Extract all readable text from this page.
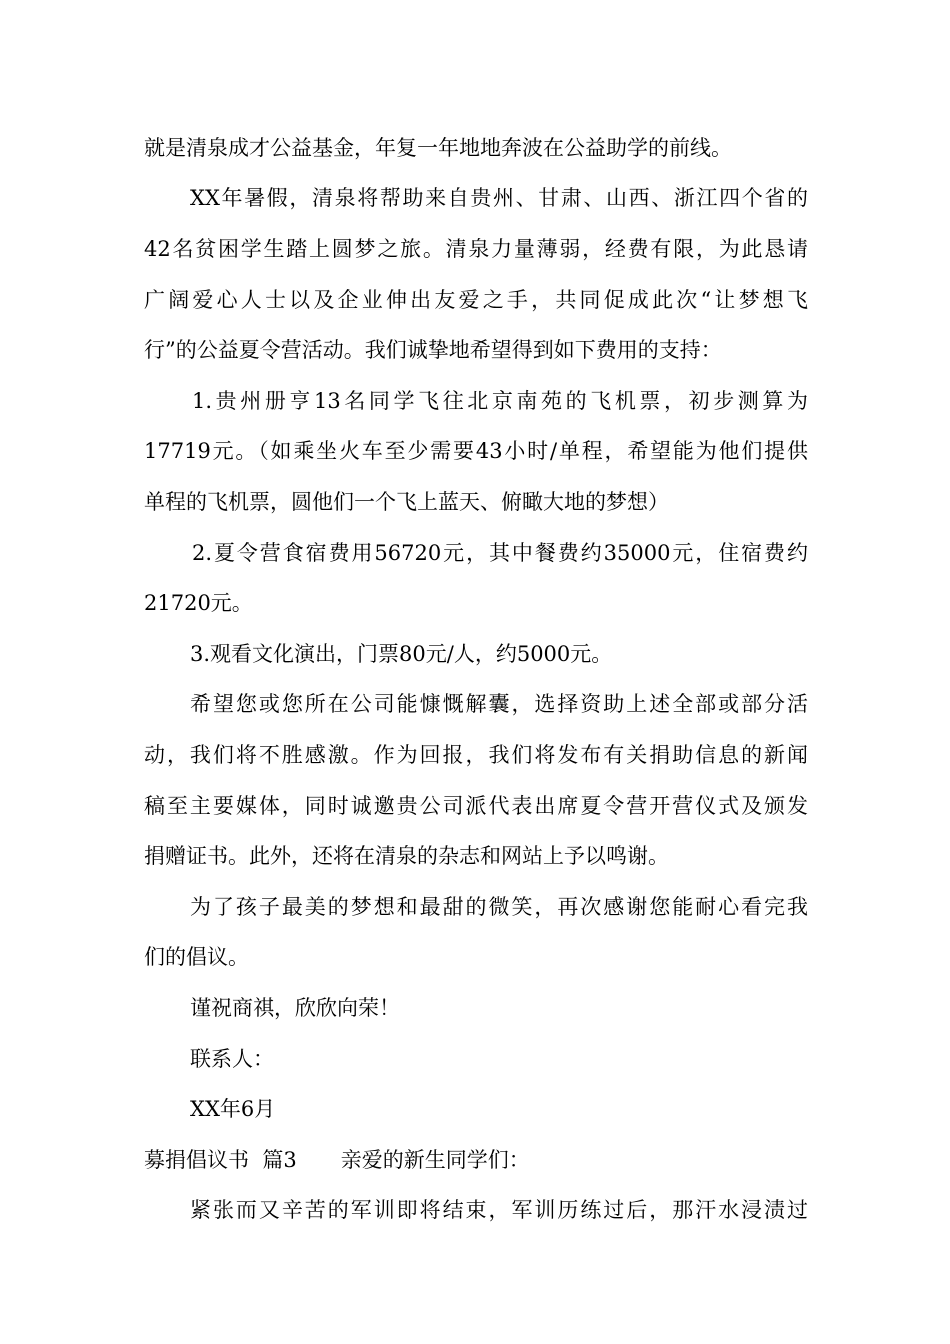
就是清泉成才公益基金，年复一年地地奔波在公益助学的前线。
XX年暑假，清泉将帮助来自贵州、甘肃、山西、浙江四个省的
42名贫困学生踏上圆梦之旅。清泉力量薄弱，经费有限，为此恳请
广阔爱心人士以及企业伸出友爱之手，共同促成此次“让梦想飞
行”的公益夏令营活动。我们诚挚地希望得到如下费用的支持：
1.贵州册亨13名同学飞往北京南苑的飞机票，初步测算为
17719元。（如乘坐火车至少需要43小时/单程，希望能为他们提供
单程的飞机票，圆他们一个飞上蓝天、俯瞰大地的梦想）
2.夏令营食宿费用56720元，其中餐费约35000元，住宿费约
21720元。
3.观看文化演出，门票80元/人，约5000元。
希望您或您所在公司能慷慨解囊，选择资助上述全部或部分活
动，我们将不胜感激。作为回报，我们将发布有关捐助信息的新闻
稿至主要媒体，同时诚邀贵公司派代表出席夏令营开营仪式及颁发
捐赠证书。此外，还将在清泉的杂志和网站上予以鸣谢。
为了孩子最美的梦想和最甜的微笑，再次感谢您能耐心看完我
们的倡议。
谨祝商祺，欣欣向荣！
联系人：
XX年6月
募捐倡议书  篇3 亲爱的新生同学们：
紧张而又辛苦的军训即将结束，军训历练过后，那汗水浸渍过
